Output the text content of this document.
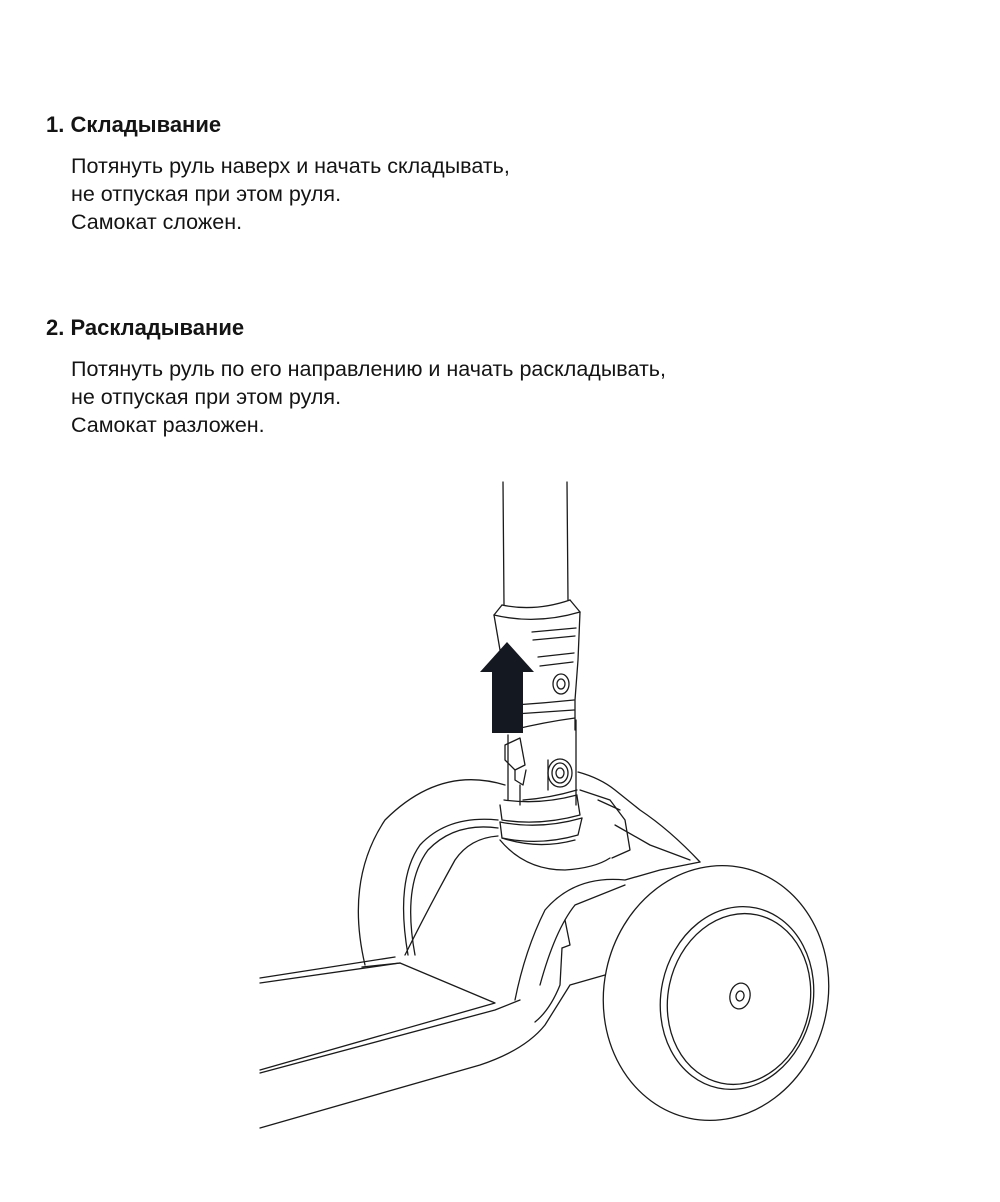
1. Складывание
Потянуть руль наверх и начать складывать,
не отпуская при этом руля.
Самокат сложен.
2. Раскладывание
Потянуть руль по его направлению и начать раскладывать,
не отпуская при этом руля.
Самокат разложен.
